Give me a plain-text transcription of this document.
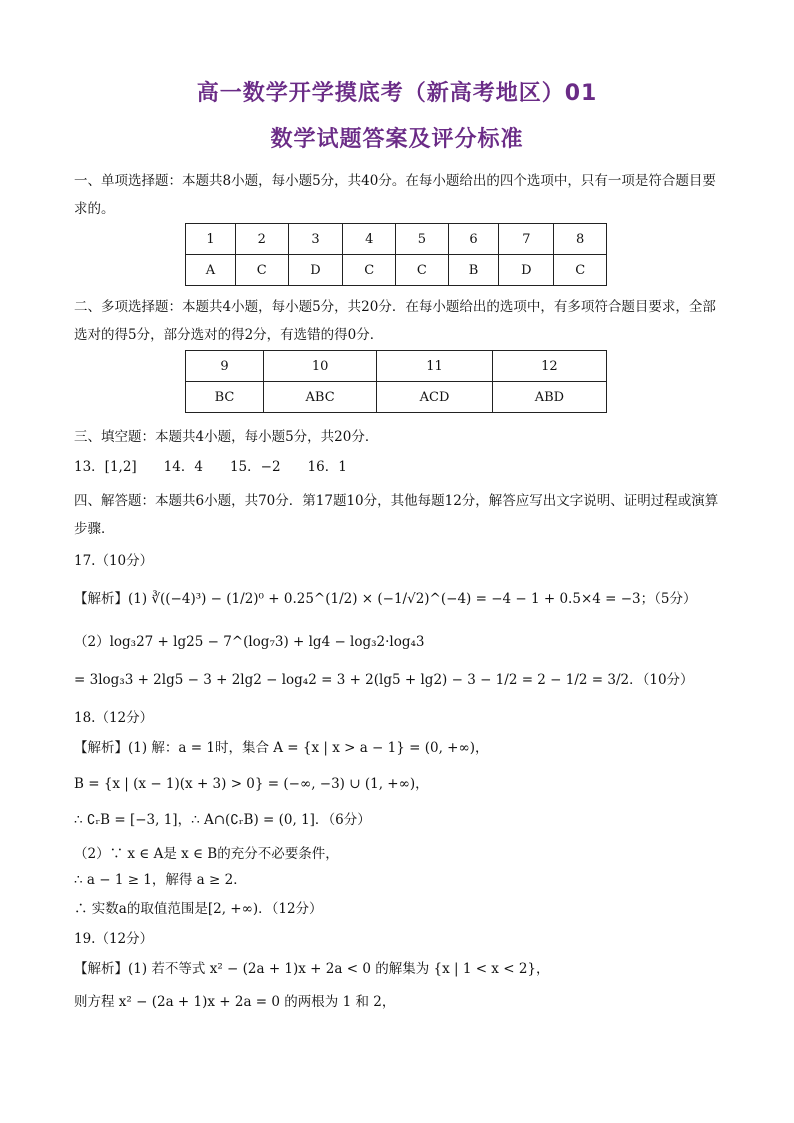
高一数学开学摸底考（新高考地区）01
数学试题答案及评分标准
一、单项选择题：本题共8小题，每小题5分，共40分。在每小题给出的四个选项中，只有一项是符合题目要求的。
1	2	3	4	5	6	7	8
A	C	D	C	C	B	D	C
二、多项选择题：本题共4小题，每小题5分，共20分．在每小题给出的选项中，有多项符合题目要求，全部选对的得5分，部分选对的得2分，有选错的得0分．
9	10	11	12
BC	ABC	ACD	ABD
三、填空题：本题共4小题，每小题5分，共20分．
13．[1,2]　　14．4　　15．−2　　16．1
四、解答题：本题共6小题，共70分．第17题10分，其他每题12分，解答应写出文字说明、证明过程或演算步骤．
17.（10分）
【解析】(1) ∛((−4)³) − (1/2)⁰ + 0.25^(1/2) × (−1/√2)^(−4) = −4 − 1 + 0.5×4 = −3；（5分）
（2）log₃27 + lg25 − 7^(log₇3) + lg4 − log₃2·log₄3
= 3log₃3 + 2lg5 − 3 + 2lg2 − log₄2 = 3 + 2(lg5 + lg2) − 3 − 1/2 = 2 − 1/2 = 3/2．（10分）
18.（12分）
【解析】(1) 解：a = 1时，集合 A = {x | x > a − 1} = (0, +∞)，
B = {x | (x − 1)(x + 3) > 0} = (−∞, −3) ∪ (1, +∞)，
∴ ∁ᵣB = [−3, 1]，∴ A∩(∁ᵣB) = (0, 1]．（6分）
（2）∵ x ∈ A是 x ∈ B的充分不必要条件，
∴ a − 1 ≥ 1，解得 a ≥ 2．
∴ 实数a的取值范围是[2, +∞)．（12分）
19.（12分）
【解析】(1) 若不等式 x² − (2a + 1)x + 2a < 0 的解集为 {x | 1 < x < 2}，
则方程 x² − (2a + 1)x + 2a = 0 的两根为 1 和 2，
